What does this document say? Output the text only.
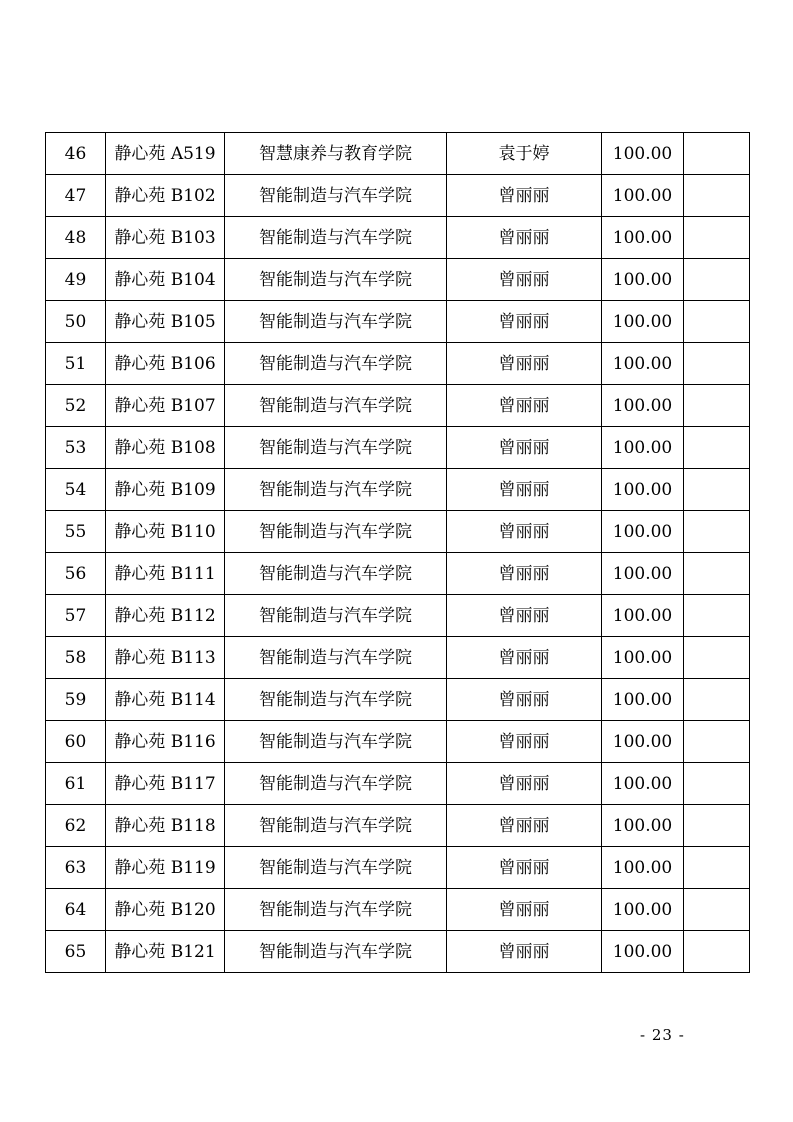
46	静心苑 A519	智慧康养与教育学院	袁于婷	100.00	
47	静心苑 B102	智能制造与汽车学院	曾丽丽	100.00	
48	静心苑 B103	智能制造与汽车学院	曾丽丽	100.00	
49	静心苑 B104	智能制造与汽车学院	曾丽丽	100.00	
50	静心苑 B105	智能制造与汽车学院	曾丽丽	100.00	
51	静心苑 B106	智能制造与汽车学院	曾丽丽	100.00	
52	静心苑 B107	智能制造与汽车学院	曾丽丽	100.00	
53	静心苑 B108	智能制造与汽车学院	曾丽丽	100.00	
54	静心苑 B109	智能制造与汽车学院	曾丽丽	100.00	
55	静心苑 B110	智能制造与汽车学院	曾丽丽	100.00	
56	静心苑 B111	智能制造与汽车学院	曾丽丽	100.00	
57	静心苑 B112	智能制造与汽车学院	曾丽丽	100.00	
58	静心苑 B113	智能制造与汽车学院	曾丽丽	100.00	
59	静心苑 B114	智能制造与汽车学院	曾丽丽	100.00	
60	静心苑 B116	智能制造与汽车学院	曾丽丽	100.00	
61	静心苑 B117	智能制造与汽车学院	曾丽丽	100.00	
62	静心苑 B118	智能制造与汽车学院	曾丽丽	100.00	
63	静心苑 B119	智能制造与汽车学院	曾丽丽	100.00	
64	静心苑 B120	智能制造与汽车学院	曾丽丽	100.00	
65	静心苑 B121	智能制造与汽车学院	曾丽丽	100.00	
- 23 -
